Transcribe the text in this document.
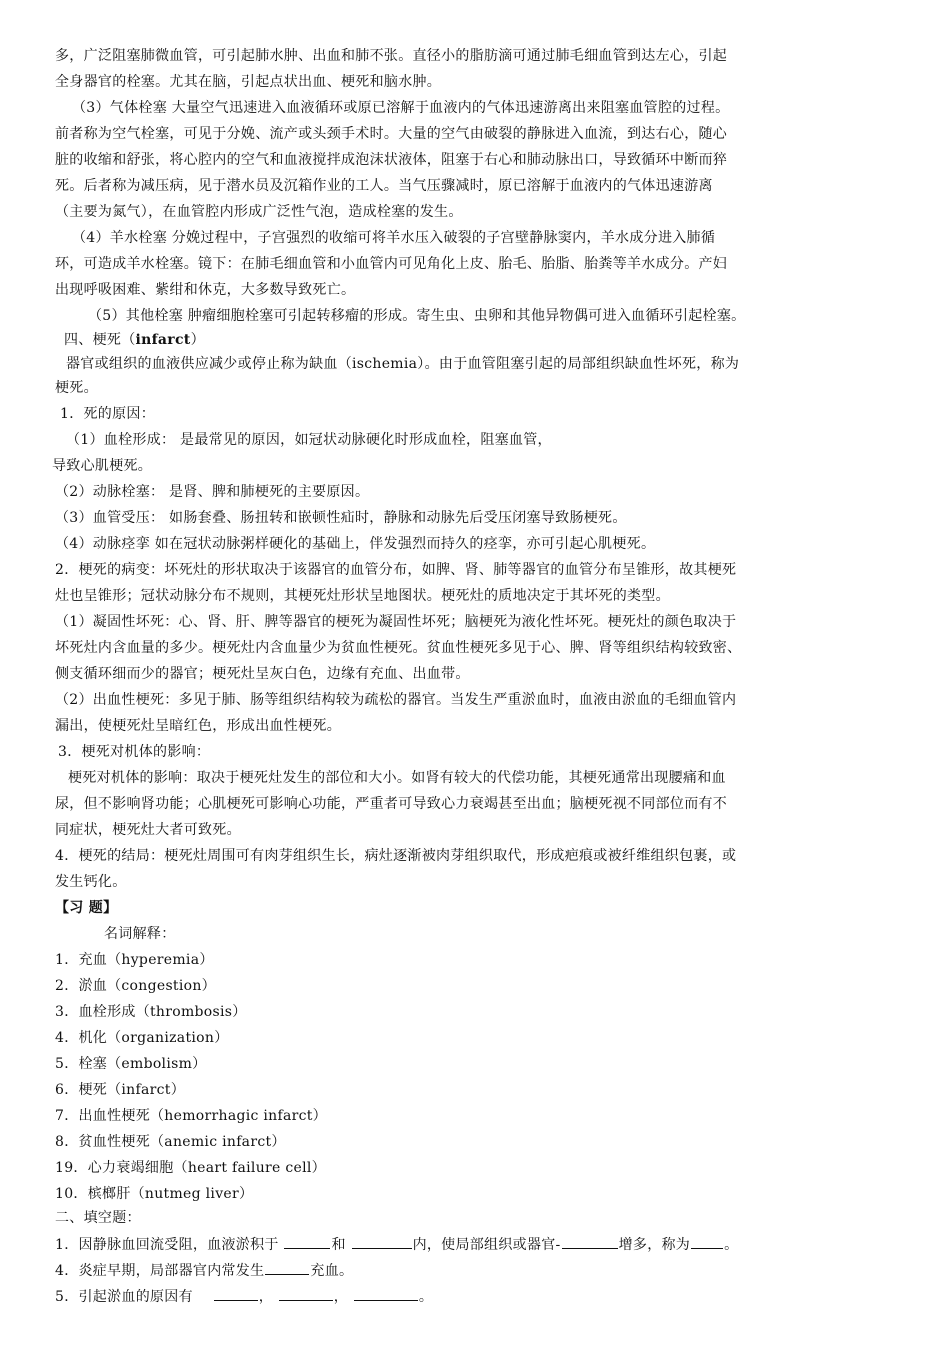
多，广泛阻塞肺微血管，可引起肺水肿、出血和肺不张。直径小的脂肪滴可通过肺毛细血管到达左心，引起
全身器官的栓塞。尤其在脑，引起点状出血、梗死和脑水肿。
（3）气体栓塞 大量空气迅速进入血液循环或原已溶解于血液内的气体迅速游离出来阻塞血管腔的过程。
前者称为空气栓塞，可见于分娩、流产或头颈手术时。大量的空气由破裂的静脉进入血流，到达右心，随心
脏的收缩和舒张，将心腔内的空气和血液搅拌成泡沫状液体，阻塞于右心和肺动脉出口，导致循环中断而猝
死。后者称为减压病，见于潜水员及沉箱作业的工人。当气压骤减时，原已溶解于血液内的气体迅速游离
（主要为氮气），在血管腔内形成广泛性气泡，造成栓塞的发生。
（4）羊水栓塞 分娩过程中，子宫强烈的收缩可将羊水压入破裂的子宫壁静脉窦内，羊水成分进入肺循
环，可造成羊水栓塞。镜下：在肺毛细血管和小血管内可见角化上皮、胎毛、胎脂、胎粪等羊水成分。产妇
出现呼吸困难、紫绀和休克，大多数导致死亡。
（5）其他栓塞 肿瘤细胞栓塞可引起转移瘤的形成。寄生虫、虫卵和其他异物偶可进入血循环引起栓塞。
四、梗死（infarct）
器官或组织的血液供应减少或停止称为缺血（ischemia）。由于血管阻塞引起的局部组织缺血性坏死，称为
梗死。
1．死的原因：
（1）血栓形成： 是最常见的原因，如冠状动脉硬化时形成血栓，阻塞血管，
导致心肌梗死。
（2）动脉栓塞： 是肾、脾和肺梗死的主要原因。
（3）血管受压： 如肠套叠、肠扭转和嵌顿性疝时，静脉和动脉先后受压闭塞导致肠梗死。
（4）动脉痉挛 如在冠状动脉粥样硬化的基础上，伴发强烈而持久的痉挛，亦可引起心肌梗死。
2．梗死的病变：坏死灶的形状取决于该器官的血管分布，如脾、肾、肺等器官的血管分布呈锥形，故其梗死
灶也呈锥形；冠状动脉分布不规则，其梗死灶形状呈地图状。梗死灶的质地决定于其坏死的类型。
（1）凝固性坏死：心、肾、肝、脾等器官的梗死为凝固性坏死；脑梗死为液化性坏死。梗死灶的颜色取决于
坏死灶内含血量的多少。梗死灶内含血量少为贫血性梗死。贫血性梗死多见于心、脾、肾等组织结构较致密、
侧支循环细而少的器官；梗死灶呈灰白色，边缘有充血、出血带。
（2）出血性梗死：多见于肺、肠等组织结构较为疏松的器官。当发生严重淤血时，血液由淤血的毛细血管内
漏出，使梗死灶呈暗红色，形成出血性梗死。
3．梗死对机体的影响：
梗死对机体的影响：取决于梗死灶发生的部位和大小。如肾有较大的代偿功能，其梗死通常出现腰痛和血
尿，但不影响肾功能；心肌梗死可影响心功能，严重者可导致心力衰竭甚至出血；脑梗死视不同部位而有不
同症状，梗死灶大者可致死。
4．梗死的结局：梗死灶周围可有肉芽组织生长，病灶逐渐被肉芽组织取代，形成疤痕或被纤维组织包裹，或
发生钙化。
【习 题】
名词解释：
1．充血（hyperemia）
2．淤血（congestion）
3．血栓形成（thrombosis）
4．机化（organization）
5．栓塞（embolism）
6．梗死（infarct）
7．出血性梗死（hemorrhagic infarct）
8．贫血性梗死（anemic infarct）
19．心力衰竭细胞（heart failure cell）
10．槟榔肝（nutmeg liver）
二、填空题：
1．因静脉血回流受阻，血液淤积于	和	内，使局部组织或器官-	增多，称为 。
4．炎症早期，局部器官内常发生	充血。
5．引起淤血的原因有	，	，	。
